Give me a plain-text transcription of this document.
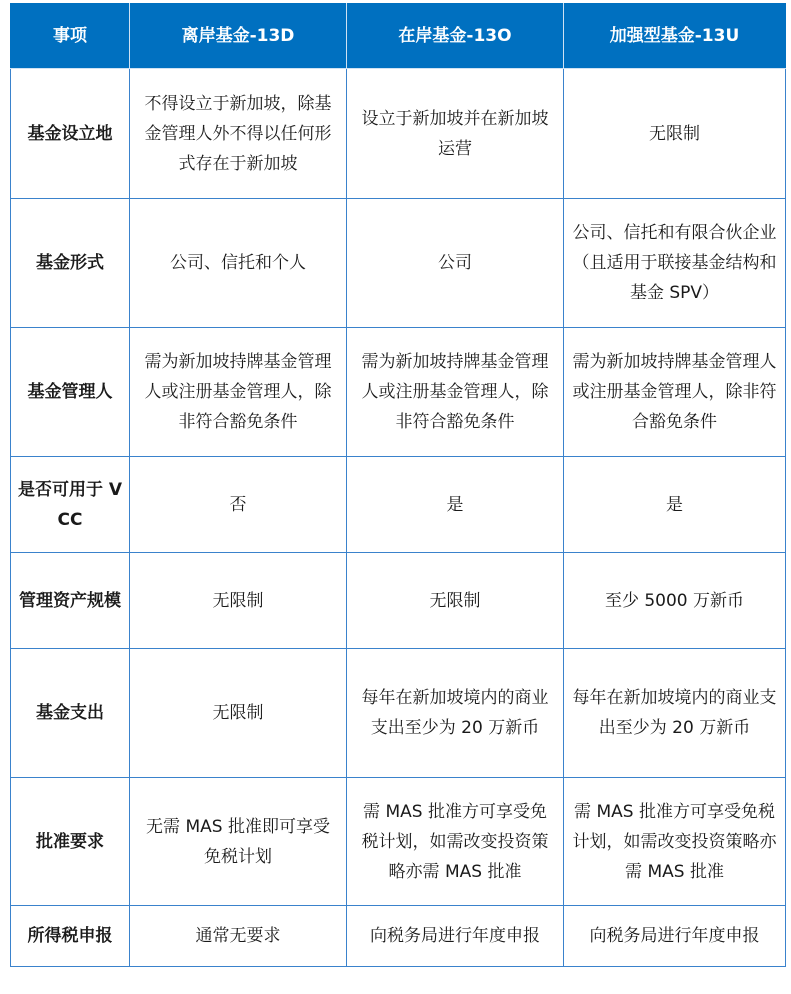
事项	离岸基金-13D	在岸基金-13O	加强型基金-13U
基金设立地	不得设立于新加坡，除基金管理人外不得以任何形式存在于新加坡	设立于新加坡并在新加坡运营	无限制
基金形式	公司、信托和个人	公司	公司、信托和有限合伙企业（且适用于联接基金结构和基金 SPV）
基金管理人	需为新加坡持牌基金管理人或注册基金管理人，除非符合豁免条件	需为新加坡持牌基金管理人或注册基金管理人，除非符合豁免条件	需为新加坡持牌基金管理人或注册基金管理人，除非符合豁免条件
是否可用于 VCC	否	是	是
管理资产规模	无限制	无限制	至少 5000 万新币
基金支出	无限制	每年在新加坡境内的商业支出至少为 20 万新币	每年在新加坡境内的商业支出至少为 20 万新币
批准要求	无需 MAS 批准即可享受免税计划	需 MAS 批准方可享受免税计划，如需改变投资策略亦需 MAS 批准	需 MAS 批准方可享受免税计划，如需改变投资策略亦需 MAS 批准
所得税申报	通常无要求	向税务局进行年度申报	向税务局进行年度申报
